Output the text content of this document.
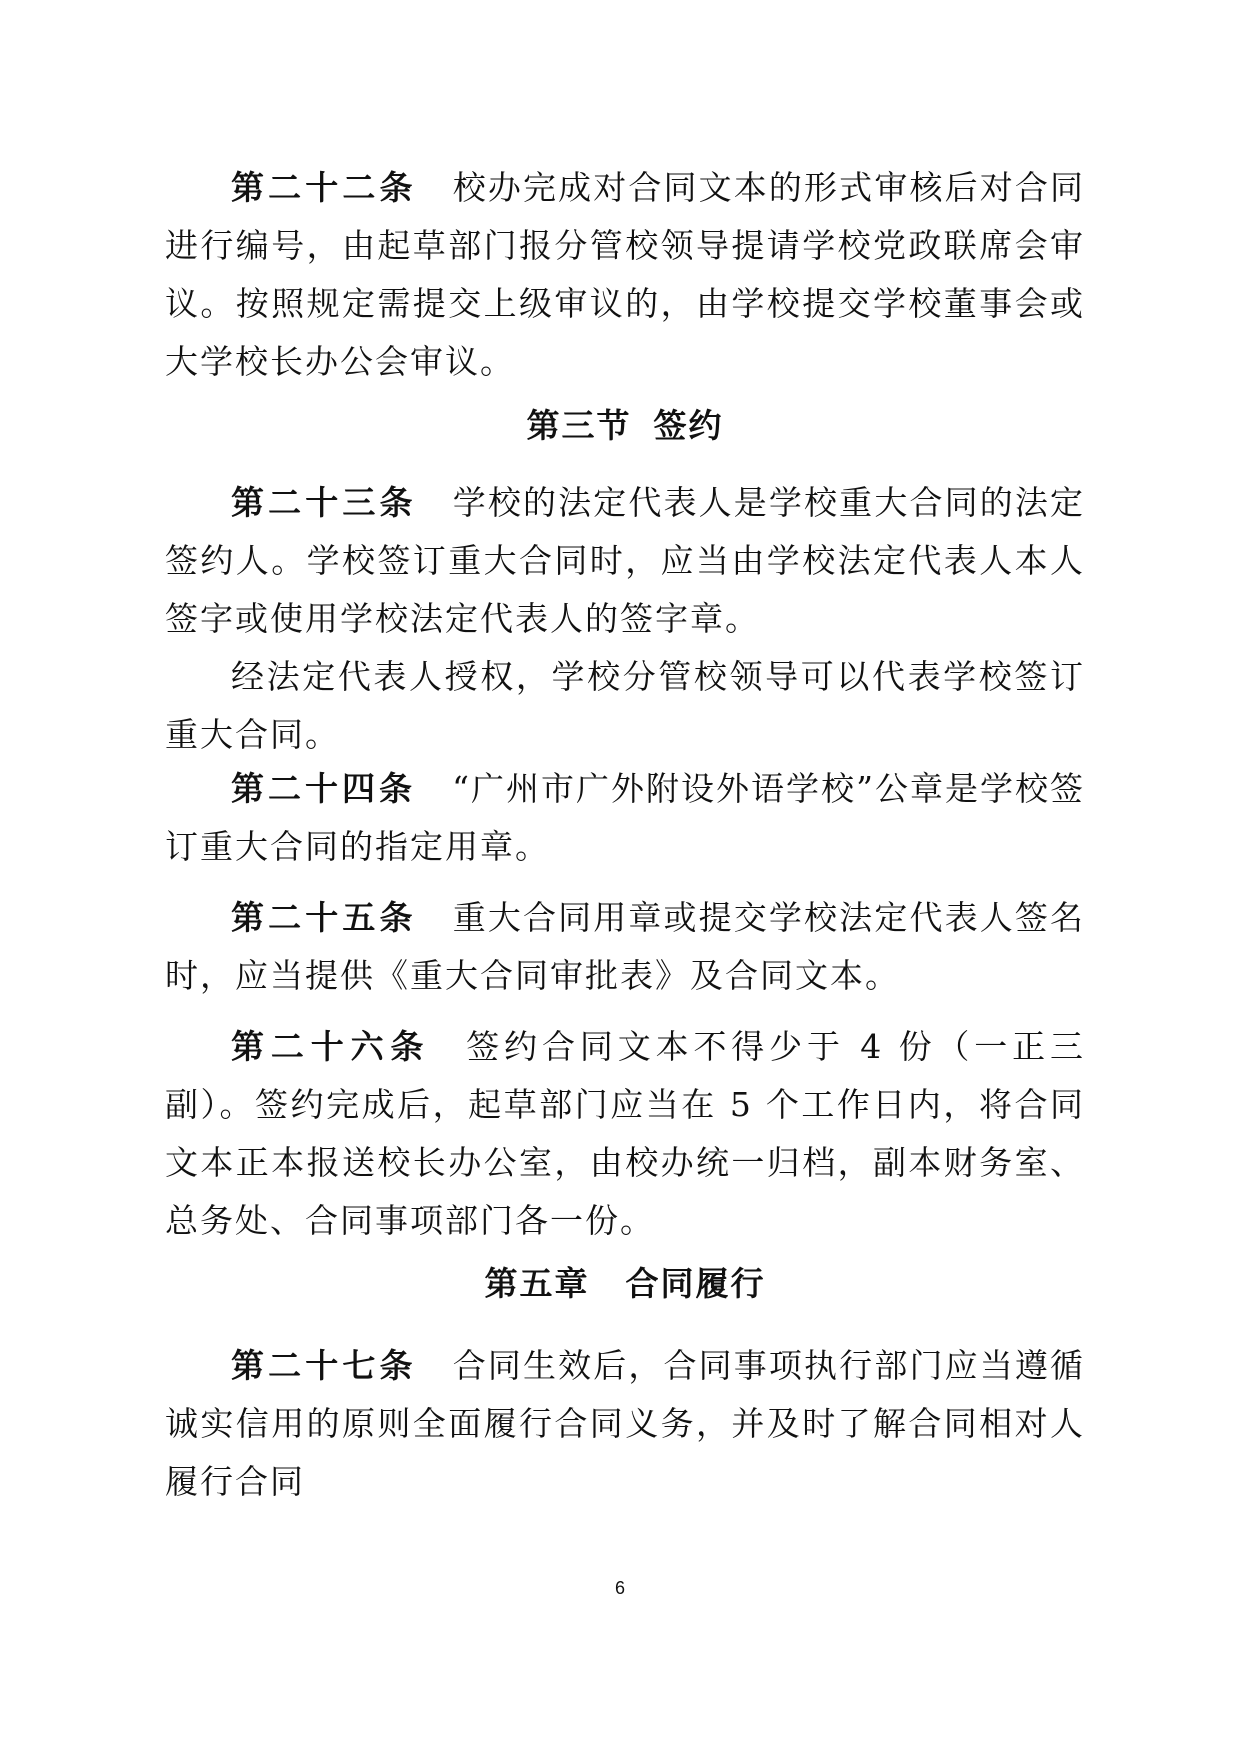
第二十二条 校办完成对合同文本的形式审核后对合同进行编号，由起草部门报分管校领导提请学校党政联席会审议。按照规定需提交上级审议的，由学校提交学校董事会或大学校长办公会审议。

第三节 签约

第二十三条 学校的法定代表人是学校重大合同的法定签约人。学校签订重大合同时，应当由学校法定代表人本人签字或使用学校法定代表人的签字章。

经法定代表人授权，学校分管校领导可以代表学校签订重大合同。

第二十四条 “广州市广外附设外语学校”公章是学校签订重大合同的指定用章。

第二十五条 重大合同用章或提交学校法定代表人签名时，应当提供《重大合同审批表》及合同文本。

第二十六条 签约合同文本不得少于 4 份（一正三副）。签约完成后，起草部门应当在 5 个工作日内，将合同文本正本报送校长办公室，由校办统一归档，副本财务室、总务处、合同事项部门各一份。

第五章 合同履行

第二十七条 合同生效后，合同事项执行部门应当遵循诚实信用的原则全面履行合同义务，并及时了解合同相对人履行合同

6
